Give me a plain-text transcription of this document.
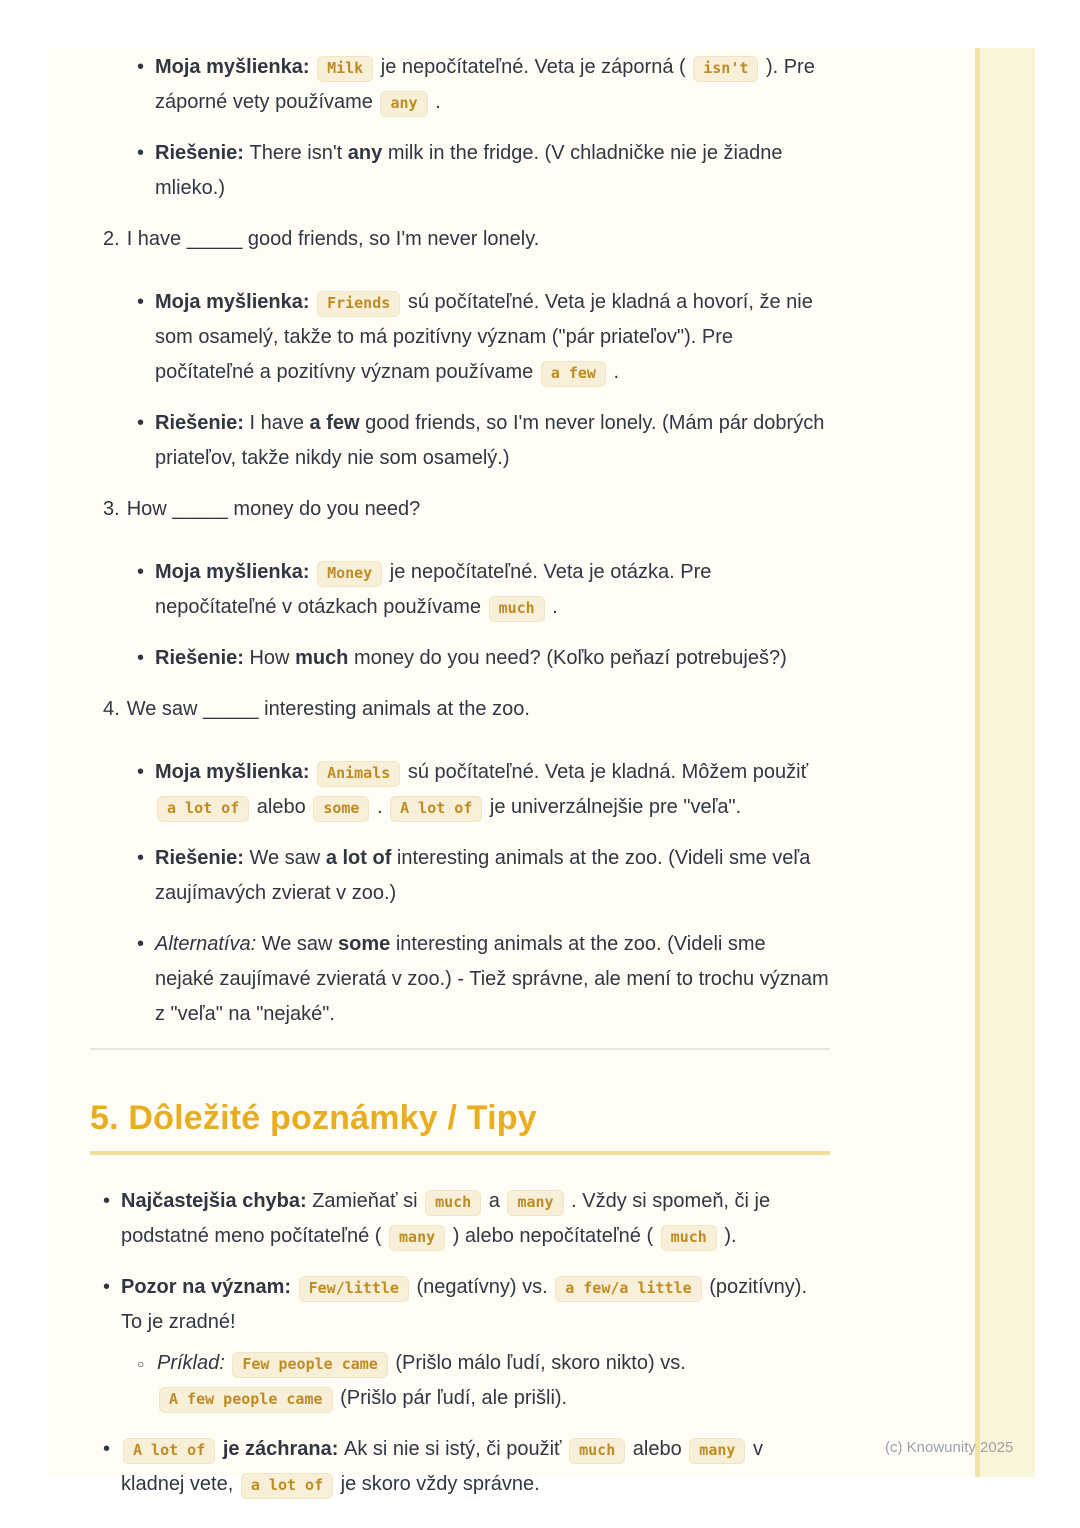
• Moja myšlienka: Milk je nepočítateľné. Veta je záporná ( isn't ). Pre záporné vety používame any .
• Riešenie: There isn't any milk in the fridge. (V chladničke nie je žiadne mlieko.)
2. I have _____ good friends, so I'm never lonely.
• Moja myšlienka: Friends sú počítateľné. Veta je kladná a hovorí, že nie som osamelý, takže to má pozitívny význam ("pár priateľov"). Pre počítateľné a pozitívny význam používame a few .
• Riešenie: I have a few good friends, so I'm never lonely. (Mám pár dobrých priateľov, takže nikdy nie som osamelý.)
3. How _____ money do you need?
• Moja myšlienka: Money je nepočítateľné. Veta je otázka. Pre nepočítateľné v otázkach používame much .
• Riešenie: How much money do you need? (Koľko peňazí potrebuješ?)
4. We saw _____ interesting animals at the zoo.
• Moja myšlienka: Animals sú počítateľné. Veta je kladná. Môžem použiť a lot of alebo some . A lot of je univerzálnejšie pre "veľa".
• Riešenie: We saw a lot of interesting animals at the zoo. (Videli sme veľa zaujímavých zvierat v zoo.)
• Alternatíva: We saw some interesting animals at the zoo. (Videli sme nejaké zaujímavé zvieratá v zoo.) - Tiež správne, ale mení to trochu význam z "veľa" na "nejaké".
5. Dôležité poznámky / Tipy
• Najčastejšia chyba: Zamieňať si much a many . Vždy si spomeň, či je podstatné meno počítateľné ( many ) alebo nepočítateľné ( much ).
• Pozor na význam: Few/little (negatívny) vs. a few/a little (pozitívny). To je zradné!
○ Príklad: Few people came (Prišlo málo ľudí, skoro nikto) vs. A few people came (Prišlo pár ľudí, ale prišli).
•	A lot of je záchrana: Ak si nie si istý, či použiť much alebo many v kladnej vete, a lot of je skoro vždy správne.
(c) Knowunity 2025
